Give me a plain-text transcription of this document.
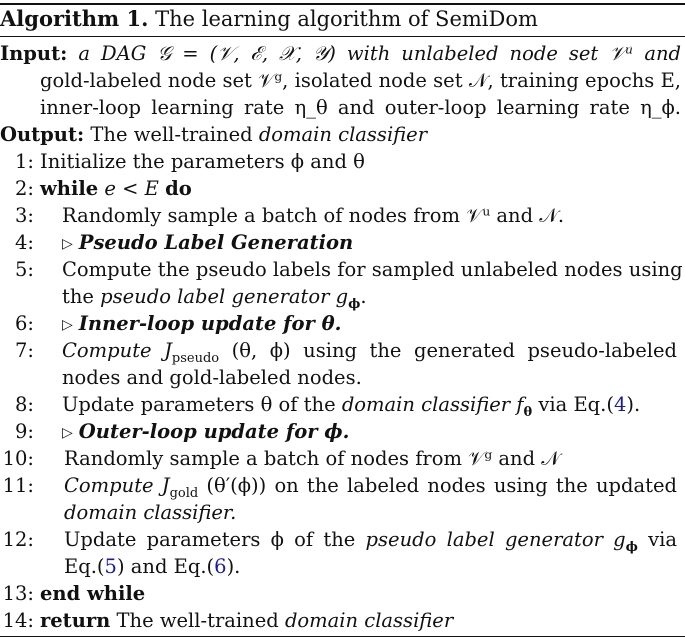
Algorithm 1. The learning algorithm of SemiDom
Input: a DAG 𝒢 = (𝒱, ℰ, 𝒳, 𝒴) with unlabeled node set 𝒱ᵘ and
gold-labeled node set 𝒱ᵍ, isolated node set 𝒩, training epochs E,
inner-loop learning rate η_θ and outer-loop learning rate η_ϕ.
Output: The well-trained domain classifier
1: Initialize the parameters ϕ and θ
2: while e < E do
3: Randomly sample a batch of nodes from 𝒱ᵘ and 𝒩.
4: ▷ Pseudo Label Generation
5: Compute the pseudo labels for sampled unlabeled nodes using
the pseudo label generator $g_\phi$.
6: ▷ Inner-loop update for θ.
7: Compute $J_{pseudo}$ (θ, ϕ) using the generated pseudo-labeled
nodes and gold-labeled nodes.
8: Update parameters θ of the domain classifier $f_\theta$ via Eq.(4).
9: ▷ Outer-loop update for ϕ.
10: Randomly sample a batch of nodes from 𝒱ᵍ and 𝒩
11: Compute $J_{gold}$ (θ′(ϕ)) on the labeled nodes using the updated
domain classifier.
12: Update parameters ϕ of the pseudo label generator $g_\phi$ via
Eq.(5) and Eq.(6).
13: end while
14: return The well-trained domain classifier
